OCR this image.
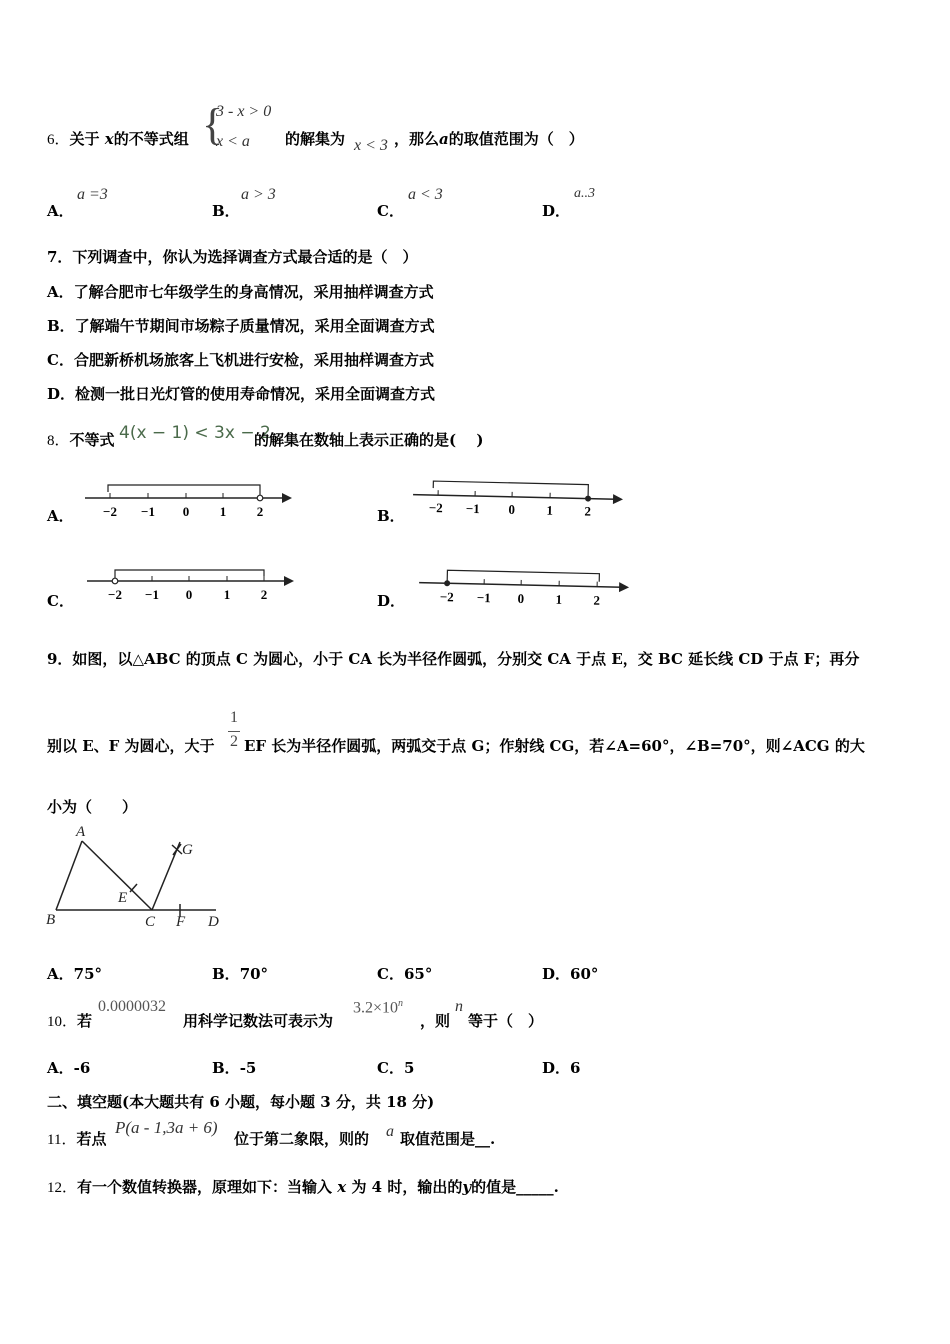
6．关于 x的不等式组 {
3 - x > 0
x < a 的解集为 x < 3 ，那么a的取值范围为（　）
A．
a =3
B．
a > 3
C．
a < 3
D．
a..3
7．下列调查中，你认为选择调查方式最合适的是（　）
A．了解合肥市七年级学生的身高情况，采用抽样调查方式
B．了解端午节期间市场粽子质量情况，采用全面调查方式
C．合肥新桥机场旅客上飞机进行安检，采用抽样调查方式
D．检测一批日光灯管的使用寿命情况，采用全面调查方式
8．不等式 4(x − 1) < 3x − 2
的解集在数轴上表示正确的是(　 )
A．	B．
C．	D．
−2 −1 0 1 2	−2 −1 0 1 2
−2 −1 0 1 2	−2 −1 0 1 2
9．如图，以△ABC 的顶点 C 为圆心，小于 CA 长为半径作圆弧，分别交 CA 于点 E，交 BC 延长线 CD 于点 F；再分
别以 E、F 为圆心，大于
1
2 EF 长为半径作圆弧，两弧交于点 G；作射线 CG，若∠A=60°，∠B=70°，则∠ACG 的大
小为（　　）
A
B	C	D
E
F
G
A．75°	B．70°	C．65°	D．60°
10．若
0.0000032
用科学记数法可表示为
$3.2\times 10^n$
，则
n
等于（　）
A．-6	B．-5	C．5	D．6
二、填空题(本大题共有 6 小题，每小题 3 分，共 18 分)
11．若点
P(a - 1,3a + 6)
位于第二象限，则的 a 取值范围是__.
12．有一个数值转换器，原理如下：当输入 x 为 4 时，输出的y的值是_____.
